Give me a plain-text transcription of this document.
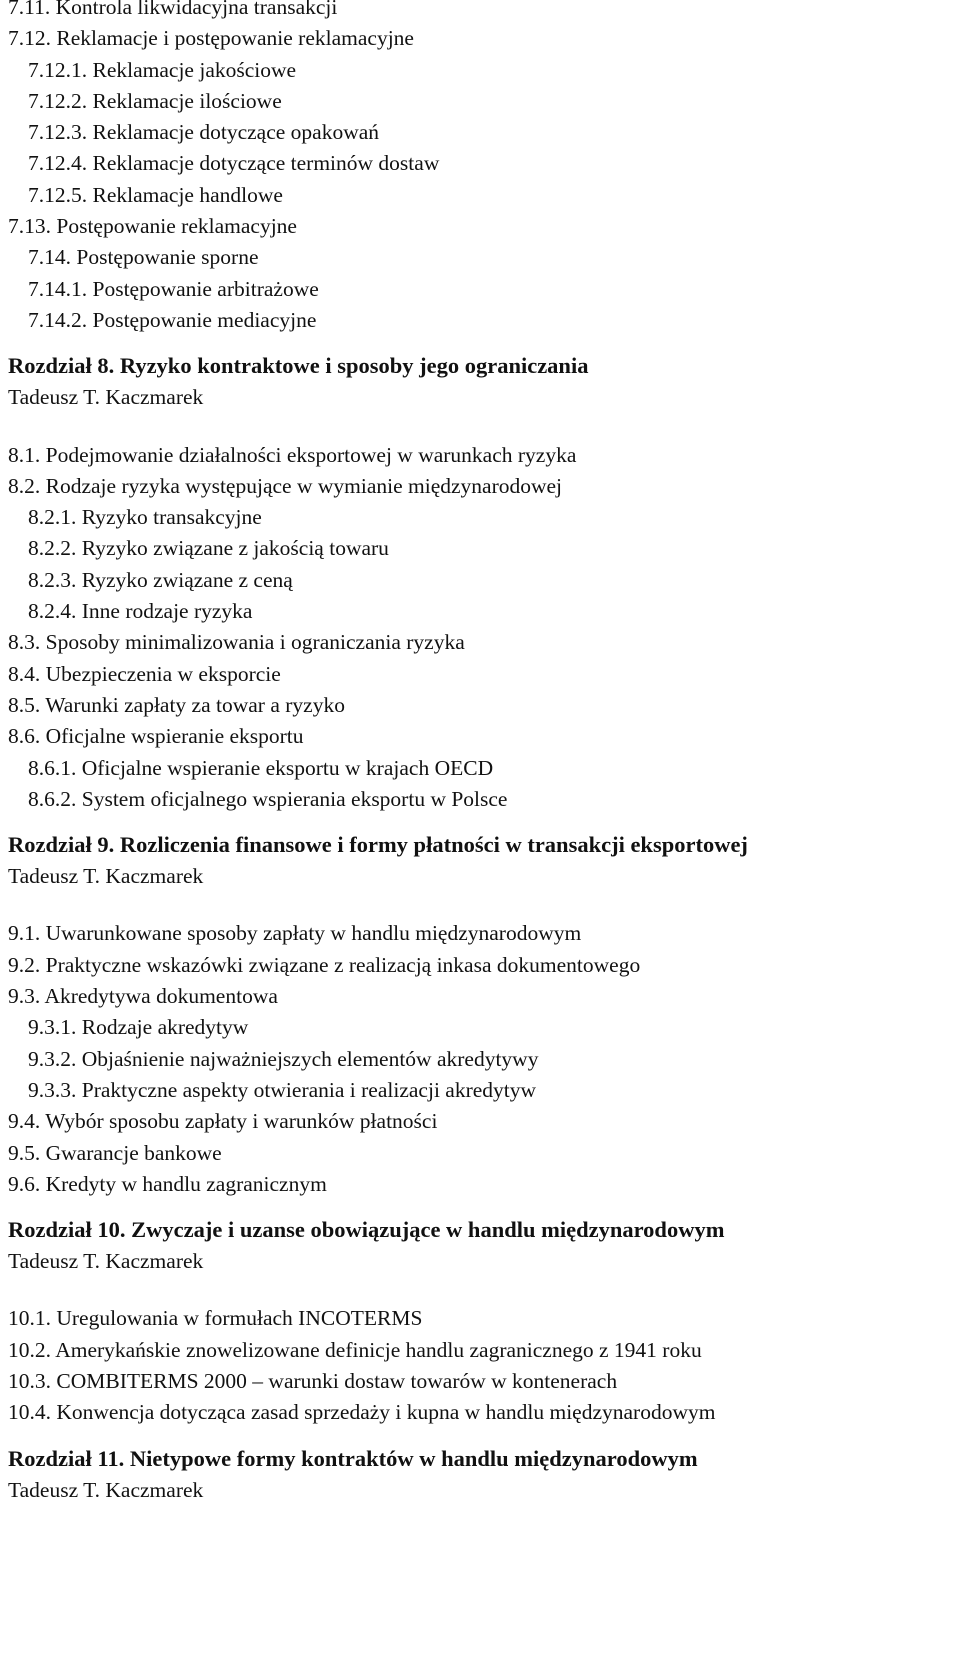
7.11. Kontrola likwidacyjna transakcji
7.12. Reklamacje i postępowanie reklamacyjne
7.12.1. Reklamacje jakościowe
7.12.2. Reklamacje ilościowe
7.12.3. Reklamacje dotyczące opakowań
7.12.4. Reklamacje dotyczące terminów dostaw
7.12.5. Reklamacje handlowe
7.13. Postępowanie reklamacyjne
7.14. Postępowanie sporne
7.14.1. Postępowanie arbitrażowe
7.14.2. Postępowanie mediacyjne
Rozdział 8. Ryzyko kontraktowe i sposoby jego ograniczania
Tadeusz T. Kaczmarek
8.1. Podejmowanie działalności eksportowej w warunkach ryzyka
8.2. Rodzaje ryzyka występujące w wymianie międzynarodowej
8.2.1. Ryzyko transakcyjne
8.2.2. Ryzyko związane z jakością towaru
8.2.3. Ryzyko związane z ceną
8.2.4. Inne rodzaje ryzyka
8.3. Sposoby minimalizowania i ograniczania ryzyka
8.4. Ubezpieczenia w eksporcie
8.5. Warunki zapłaty za towar a ryzyko
8.6. Oficjalne wspieranie eksportu
8.6.1. Oficjalne wspieranie eksportu w krajach OECD
8.6.2. System oficjalnego wspierania eksportu w Polsce
Rozdział 9. Rozliczenia finansowe i formy płatności w transakcji eksportowej
Tadeusz T. Kaczmarek
9.1. Uwarunkowane sposoby zapłaty w handlu międzynarodowym
9.2. Praktyczne wskazówki związane z realizacją inkasa dokumentowego
9.3. Akredytywa dokumentowa
9.3.1. Rodzaje akredytyw
9.3.2. Objaśnienie najważniejszych elementów akredytywy
9.3.3. Praktyczne aspekty otwierania i realizacji akredytyw
9.4. Wybór sposobu zapłaty i warunków płatności
9.5. Gwarancje bankowe
9.6. Kredyty w handlu zagranicznym
Rozdział 10. Zwyczaje i uzanse obowiązujące w handlu międzynarodowym
Tadeusz T. Kaczmarek
10.1. Uregulowania w formułach INCOTERMS
10.2. Amerykańskie znowelizowane definicje handlu zagranicznego z 1941 roku
10.3. COMBITERMS 2000 – warunki dostaw towarów w kontenerach
10.4. Konwencja dotycząca zasad sprzedaży i kupna w handlu międzynarodowym
Rozdział 11. Nietypowe formy kontraktów w handlu międzynarodowym
Tadeusz T. Kaczmarek
